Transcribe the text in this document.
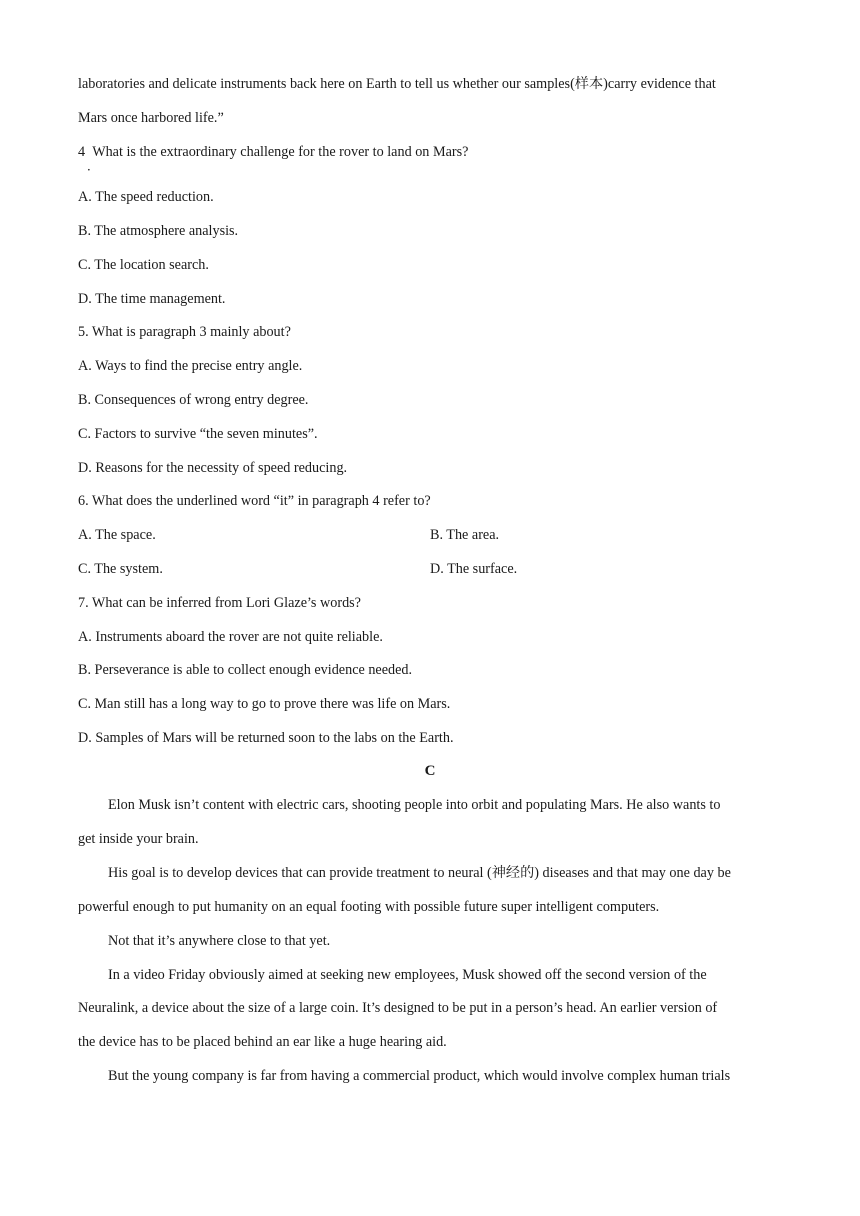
laboratories and delicate instruments back here on Earth to tell us whether our samples(样本)carry evidence that
Mars once harbored life.”
4
．
What is the extraordinary challenge for the rover to land on Mars?
A. The speed reduction.
B. The atmosphere analysis.
C. The location search.
D. The time management.
5. What is paragraph 3 mainly about?
A. Ways to find the precise entry angle.
B. Consequences of wrong entry degree.
C. Factors to survive “the seven minutes”.
D. Reasons for the necessity of speed reducing.
6. What does the underlined word “it” in paragraph 4 refer to?
A. The space.	B. The area.
C. The system.	D. The surface.
7. What can be inferred from Lori Glaze’s words?
A. Instruments aboard the rover are not quite reliable.
B. Perseverance is able to collect enough evidence needed.
C. Man still has a long way to go to prove there was life on Mars.
D. Samples of Mars will be returned soon to the labs on the Earth.
C
Elon Musk isn’t content with electric cars, shooting people into orbit and populating Mars. He also wants to
get inside your brain.
His goal is to develop devices that can provide treatment to neural (神经的) diseases and that may one day be
powerful enough to put humanity on an equal footing with possible future super intelligent computers.
Not that it’s anywhere close to that yet.
In a video Friday obviously aimed at seeking new employees, Musk showed off the second version of the
Neuralink, a device about the size of a large coin. It’s designed to be put in a person’s head. An earlier version of
the device has to be placed behind an ear like a huge hearing aid.
But the young company is far from having a commercial product, which would involve complex human trials
